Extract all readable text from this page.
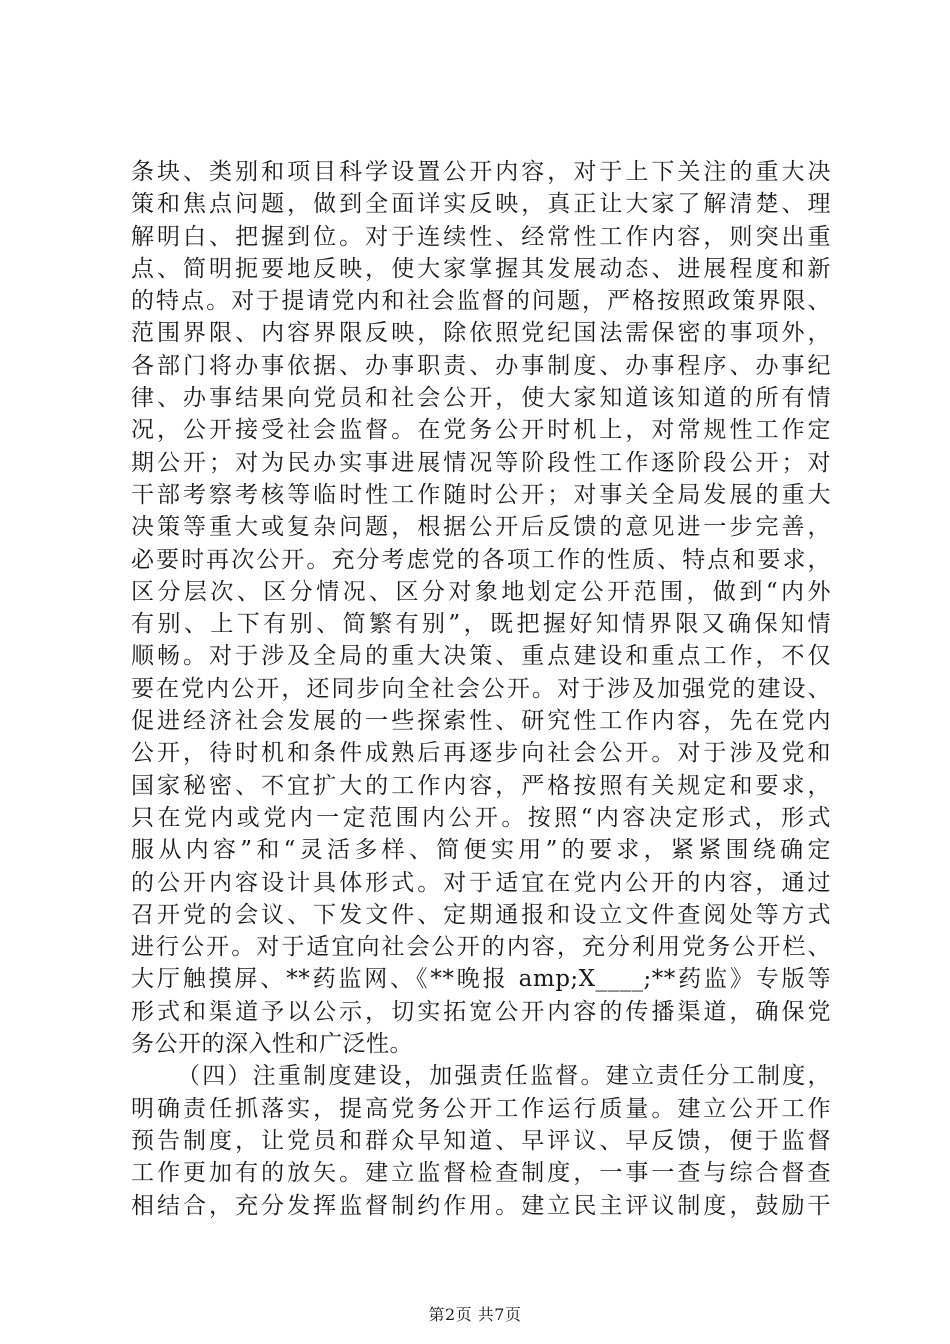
条块、类别和项目科学设置公开内容，对于上下关注的重大决
策和焦点问题，做到全面详实反映，真正让大家了解清楚、理
解明白、把握到位。对于连续性、经常性工作内容，则突出重
点、简明扼要地反映，使大家掌握其发展动态、进展程度和新
的特点。对于提请党内和社会监督的问题，严格按照政策界限、
范围界限、内容界限反映，除依照党纪国法需保密的事项外，
各部门将办事依据、办事职责、办事制度、办事程序、办事纪
律、办事结果向党员和社会公开，使大家知道该知道的所有情
况，公开接受社会监督。在党务公开时机上，对常规性工作定
期公开；对为民办实事进展情况等阶段性工作逐阶段公开；对
干部考察考核等临时性工作随时公开；对事关全局发展的重大
决策等重大或复杂问题，根据公开后反馈的意见进一步完善，
必要时再次公开。充分考虑党的各项工作的性质、特点和要求，
区分层次、区分情况、区分对象地划定公开范围，做到“内外
有别、上下有别、简繁有别”，既把握好知情界限又确保知情
顺畅。对于涉及全局的重大决策、重点建设和重点工作，不仅
要在党内公开，还同步向全社会公开。对于涉及加强党的建设、
促进经济社会发展的一些探索性、研究性工作内容，先在党内
公开，待时机和条件成熟后再逐步向社会公开。对于涉及党和
国家秘密、不宜扩大的工作内容，严格按照有关规定和要求，
只在党内或党内一定范围内公开。按照“内容决定形式，形式
服从内容”和“灵活多样、简便实用”的要求，紧紧围绕确定
的公开内容设计具体形式。对于适宜在党内公开的内容，通过
召开党的会议、下发文件、定期通报和设立文件查阅处等方式
进行公开。对于适宜向社会公开的内容，充分利用党务公开栏、
大厅触摸屏、**药监网、《**晚报 amp;X____;**药监》专版等
形式和渠道予以公示，切实拓宽公开内容的传播渠道，确保党
务公开的深入性和广泛性。
（四）注重制度建设，加强责任监督。建立责任分工制度，
明确责任抓落实，提高党务公开工作运行质量。建立公开工作
预告制度，让党员和群众早知道、早评议、早反馈，便于监督
工作更加有的放矢。建立监督检查制度，一事一查与综合督查
相结合，充分发挥监督制约作用。建立民主评议制度，鼓励干
第2页 共7页
